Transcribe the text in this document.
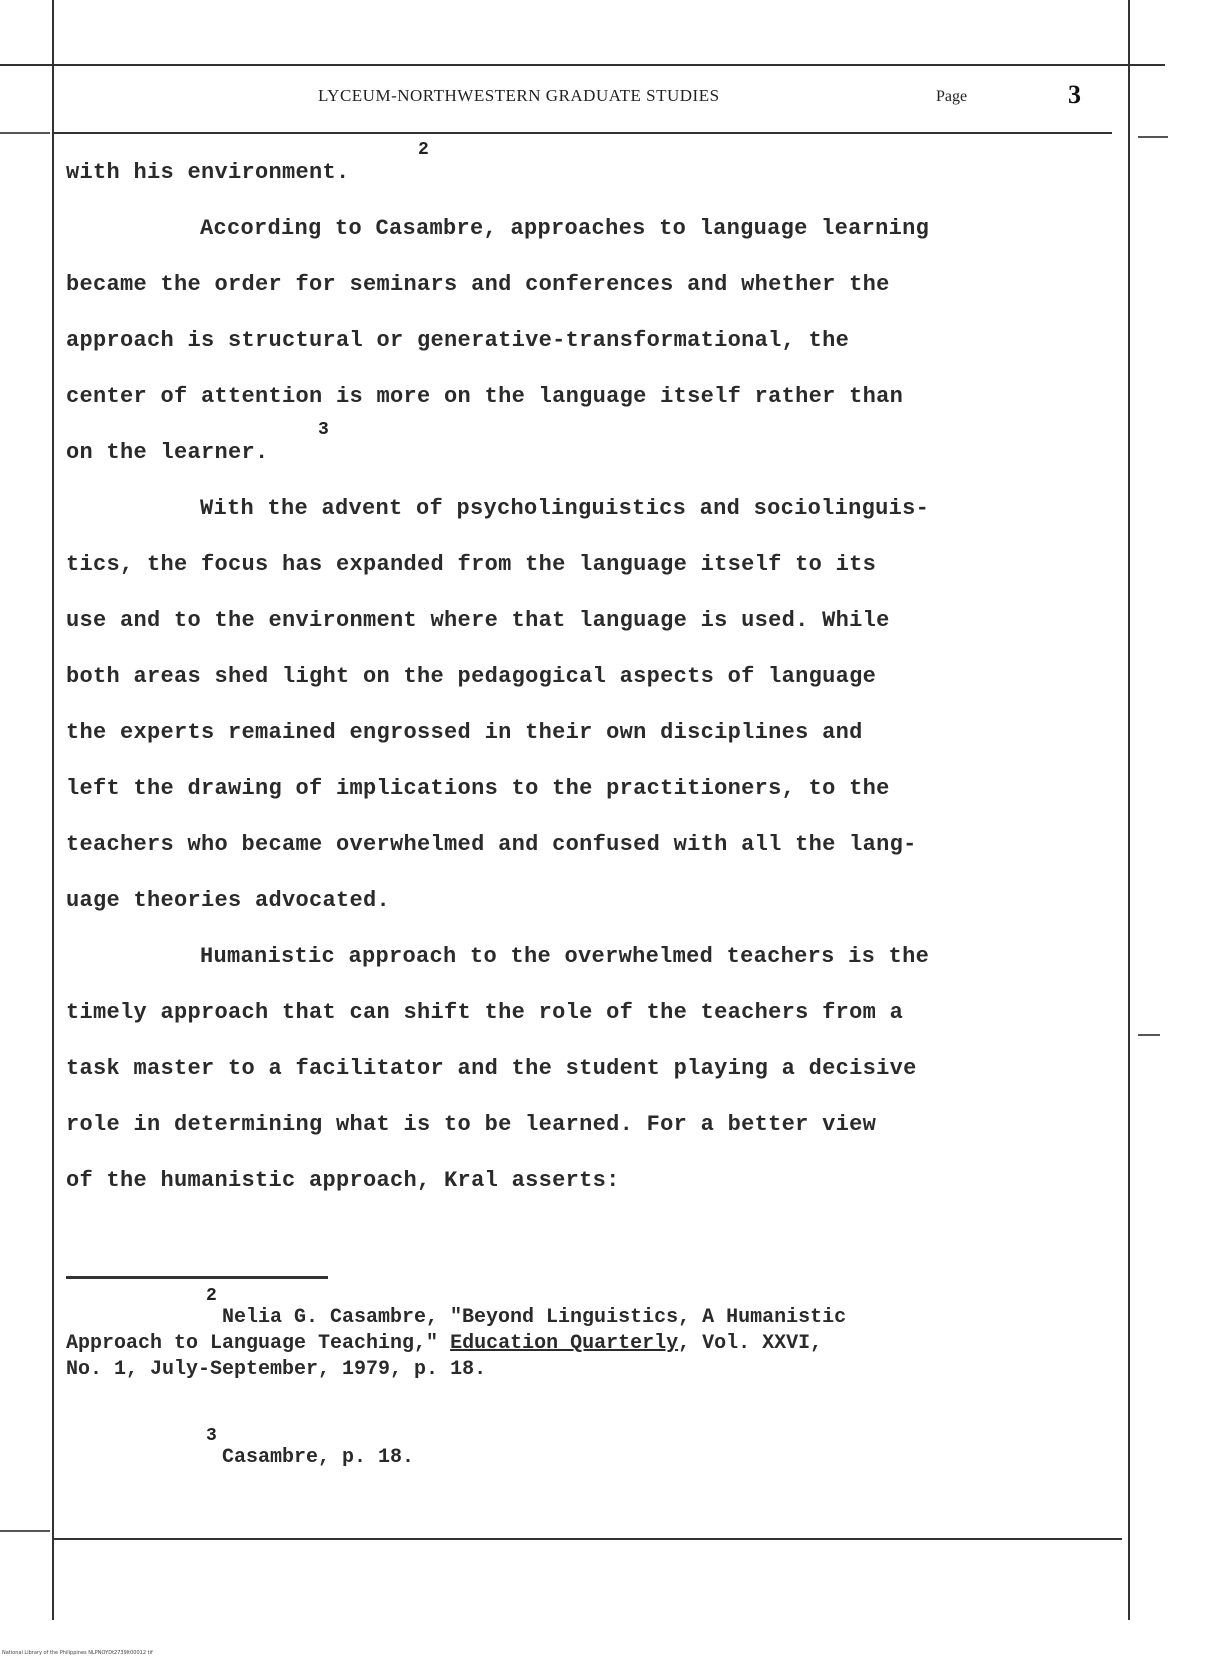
LYCEUM-NORTHWESTERN GRADUATE STUDIES	Page	3
with his environment.
2
According to Casambre, approaches to language learning
became the order for seminars and conferences and whether the
approach is structural or generative-transformational, the
center of attention is more on the language itself rather than
on the learner.
3
With the advent of psycholinguistics and sociolinguis-
tics, the focus has expanded from the language itself to its
use and to the environment where that language is used. While
both areas shed light on the pedagogical aspects of language
the experts remained engrossed in their own disciplines and
left the drawing of implications to the practitioners, to the
teachers who became overwhelmed and confused with all the lang-
uage theories advocated.
Humanistic approach to the overwhelmed teachers is the
timely approach that can shift the role of the teachers from a
task master to a facilitator and the student playing a decisive
role in determining what is to be learned. For a better view
of the humanistic approach, Kral asserts:
2
Nelia G. Casambre, "Beyond Linguistics, A Humanistic
Approach to Language Teaching," Education Quarterly, Vol. XXVI,
No. 1, July-September, 1979, p. 18.
3
Casambre, p. 18.
National Library of the Philippines NLPNOYDt2739lt00012 tif
